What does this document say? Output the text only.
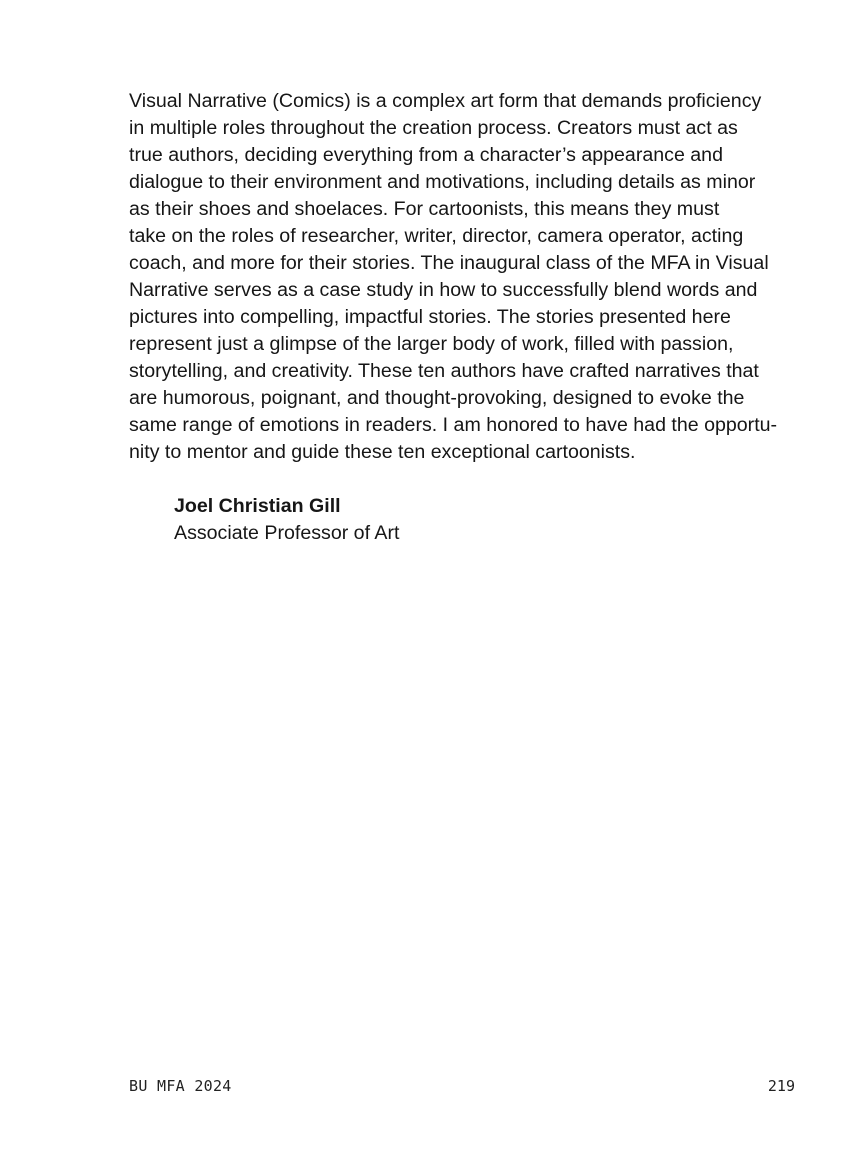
Visual Narrative (Comics) is a complex art form that demands proficiency
in multiple roles throughout the creation process. Creators must act as
true authors, deciding everything from a character’s appearance and
dialogue to their environment and motivations, including details as minor
as their shoes and shoelaces. For cartoonists, this means they must
take on the roles of researcher, writer, director, camera operator, acting
coach, and more for their stories. The inaugural class of the MFA in Visual
Narrative serves as a case study in how to successfully blend words and
pictures into compelling, impactful stories. The stories presented here
represent just a glimpse of the larger body of work, filled with passion,
storytelling, and creativity. These ten authors have crafted narratives that
are humorous, poignant, and thought-provoking, designed to evoke the
same range of emotions in readers. I am honored to have had the opportu-
nity to mentor and guide these ten exceptional cartoonists.

Joel Christian Gill
Associate Professor of Art
BU MFA 2024	219
